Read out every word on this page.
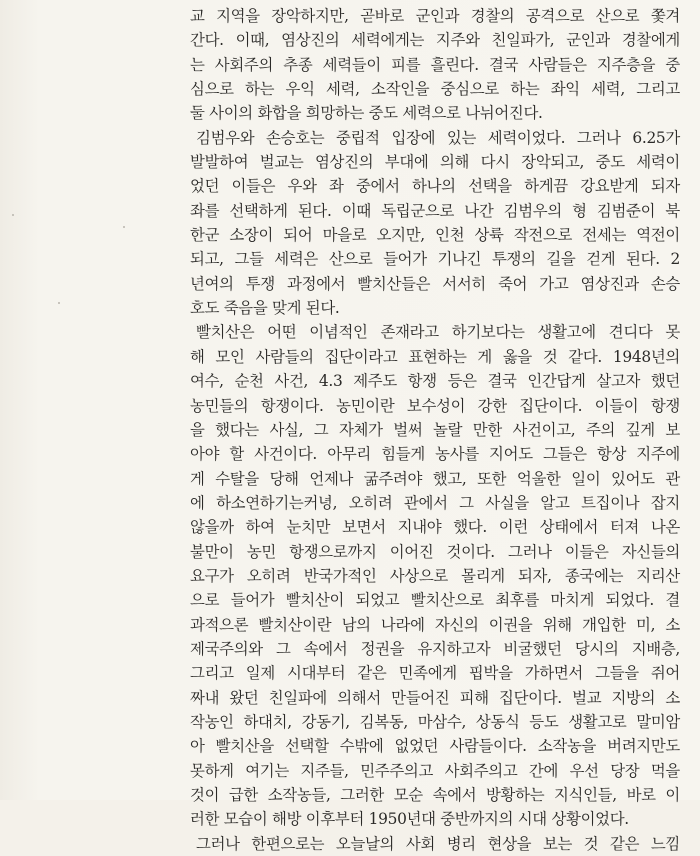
교 지역을 장악하지만, 곧바로 군인과 경찰의 공격으로 산으로 쫓겨
간다. 이때, 염상진의 세력에게는 지주와 친일파가, 군인과 경찰에게
는 사회주의 추종 세력들이 피를 흘린다. 결국 사람들은 지주층을 중
심으로 하는 우익 세력, 소작인을 중심으로 하는 좌익 세력, 그리고
둘 사이의 화합을 희망하는 중도 세력으로 나뉘어진다.
김범우와 손승호는 중립적 입장에 있는 세력이었다. 그러나 6.25가
발발하여 벌교는 염상진의 부대에 의해 다시 장악되고, 중도 세력이
었던 이들은 우와 좌 중에서 하나의 선택을 하게끔 강요받게 되자
좌를 선택하게 된다. 이때 독립군으로 나간 김범우의 형 김범준이 북
한군 소장이 되어 마을로 오지만, 인천 상륙 작전으로 전세는 역전이
되고, 그들 세력은 산으로 들어가 기나긴 투쟁의 길을 걷게 된다. 2
년여의 투쟁 과정에서 빨치산들은 서서히 죽어 가고 염상진과 손승
호도 죽음을 맞게 된다.
빨치산은 어떤 이념적인 존재라고 하기보다는 생활고에 견디다 못
해 모인 사람들의 집단이라고 표현하는 게 옳을 것 같다. 1948년의
여수, 순천 사건, 4.3 제주도 항쟁 등은 결국 인간답게 살고자 했던
농민들의 항쟁이다. 농민이란 보수성이 강한 집단이다. 이들이 항쟁
을 했다는 사실, 그 자체가 벌써 놀랄 만한 사건이고, 주의 깊게 보
아야 할 사건이다. 아무리 힘들게 농사를 지어도 그들은 항상 지주에
게 수탈을 당해 언제나 굶주려야 했고, 또한 억울한 일이 있어도 관
에 하소연하기는커녕, 오히려 관에서 그 사실을 알고 트집이나 잡지
않을까 하여 눈치만 보면서 지내야 했다. 이런 상태에서 터져 나온
불만이 농민 항쟁으로까지 이어진 것이다. 그러나 이들은 자신들의
요구가 오히려 반국가적인 사상으로 몰리게 되자, 종국에는 지리산
으로 들어가 빨치산이 되었고 빨치산으로 최후를 마치게 되었다. 결
과적으론 빨치산이란 남의 나라에 자신의 이권을 위해 개입한 미, 소
제국주의와 그 속에서 정권을 유지하고자 비굴했던 당시의 지배층,
그리고 일제 시대부터 같은 민족에게 핍박을 가하면서 그들을 쥐어
짜내 왔던 친일파에 의해서 만들어진 피해 집단이다. 벌교 지방의 소
작농인 하대치, 강동기, 김복동, 마삼수, 상동식 등도 생활고로 말미암
아 빨치산을 선택할 수밖에 없었던 사람들이다. 소작농을 버려지만도
못하게 여기는 지주들, 민주주의고 사회주의고 간에 우선 당장 먹을
것이 급한 소작농들, 그러한 모순 속에서 방황하는 지식인들, 바로 이
러한 모습이 해방 이후부터 1950년대 중반까지의 시대 상황이었다.
그러나 한편으로는 오늘날의 사회 병리 현상을 보는 것 같은 느낌
